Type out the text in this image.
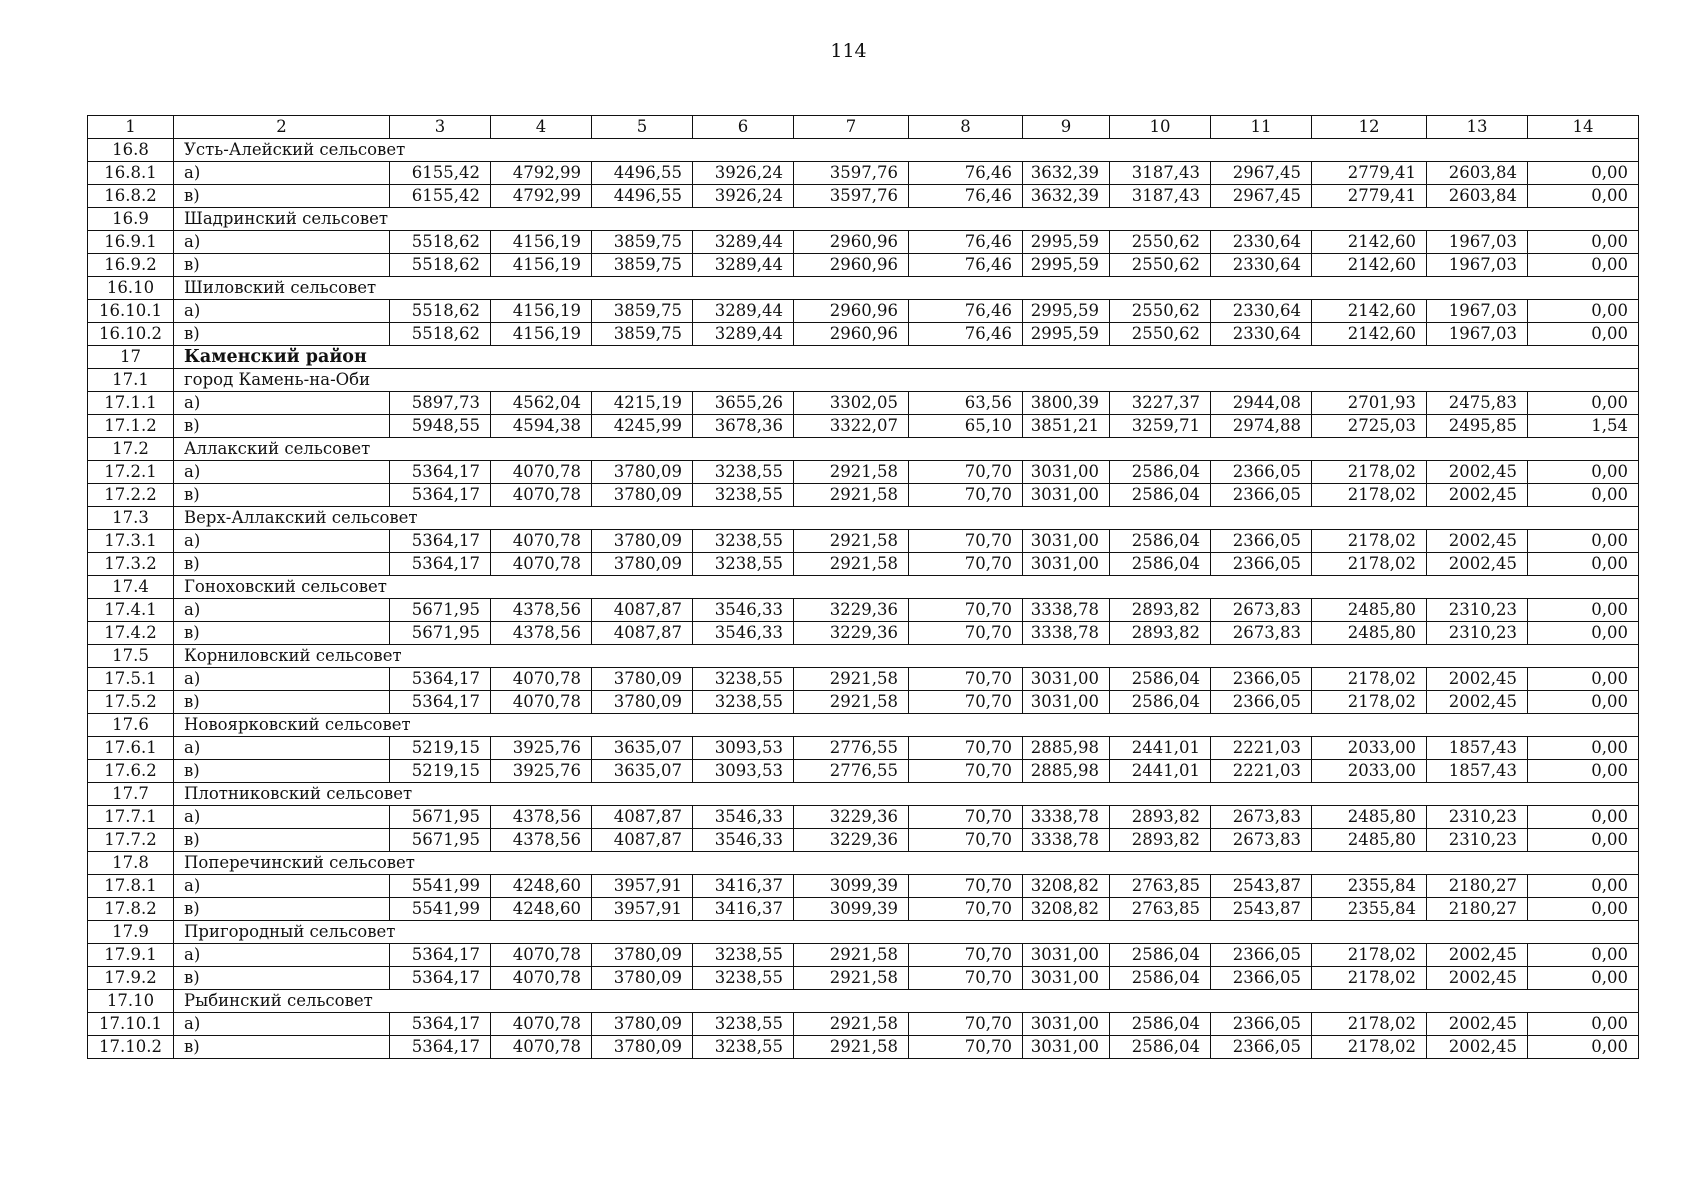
114
1	2	3	4	5	6	7	8	9	10	11	12	13	14
16.8	Усть-Алейский сельсовет												
16.8.1	а)	6155,42	4792,99	4496,55	3926,24	3597,76	76,46	3632,39	3187,43	2967,45	2779,41	2603,84	0,00
16.8.2	в)	6155,42	4792,99	4496,55	3926,24	3597,76	76,46	3632,39	3187,43	2967,45	2779,41	2603,84	0,00
16.9	Шадринский сельсовет												
16.9.1	а)	5518,62	4156,19	3859,75	3289,44	2960,96	76,46	2995,59	2550,62	2330,64	2142,60	1967,03	0,00
16.9.2	в)	5518,62	4156,19	3859,75	3289,44	2960,96	76,46	2995,59	2550,62	2330,64	2142,60	1967,03	0,00
16.10	Шиловский сельсовет												
16.10.1	а)	5518,62	4156,19	3859,75	3289,44	2960,96	76,46	2995,59	2550,62	2330,64	2142,60	1967,03	0,00
16.10.2	в)	5518,62	4156,19	3859,75	3289,44	2960,96	76,46	2995,59	2550,62	2330,64	2142,60	1967,03	0,00
17	Каменский район												
17.1	город Камень-на-Оби												
17.1.1	а)	5897,73	4562,04	4215,19	3655,26	3302,05	63,56	3800,39	3227,37	2944,08	2701,93	2475,83	0,00
17.1.2	в)	5948,55	4594,38	4245,99	3678,36	3322,07	65,10	3851,21	3259,71	2974,88	2725,03	2495,85	1,54
17.2	Аллакский сельсовет												
17.2.1	а)	5364,17	4070,78	3780,09	3238,55	2921,58	70,70	3031,00	2586,04	2366,05	2178,02	2002,45	0,00
17.2.2	в)	5364,17	4070,78	3780,09	3238,55	2921,58	70,70	3031,00	2586,04	2366,05	2178,02	2002,45	0,00
17.3	Верх-Аллакский сельсовет												
17.3.1	а)	5364,17	4070,78	3780,09	3238,55	2921,58	70,70	3031,00	2586,04	2366,05	2178,02	2002,45	0,00
17.3.2	в)	5364,17	4070,78	3780,09	3238,55	2921,58	70,70	3031,00	2586,04	2366,05	2178,02	2002,45	0,00
17.4	Гоноховский сельсовет												
17.4.1	а)	5671,95	4378,56	4087,87	3546,33	3229,36	70,70	3338,78	2893,82	2673,83	2485,80	2310,23	0,00
17.4.2	в)	5671,95	4378,56	4087,87	3546,33	3229,36	70,70	3338,78	2893,82	2673,83	2485,80	2310,23	0,00
17.5	Корниловский сельсовет												
17.5.1	а)	5364,17	4070,78	3780,09	3238,55	2921,58	70,70	3031,00	2586,04	2366,05	2178,02	2002,45	0,00
17.5.2	в)	5364,17	4070,78	3780,09	3238,55	2921,58	70,70	3031,00	2586,04	2366,05	2178,02	2002,45	0,00
17.6	Новоярковский сельсовет												
17.6.1	а)	5219,15	3925,76	3635,07	3093,53	2776,55	70,70	2885,98	2441,01	2221,03	2033,00	1857,43	0,00
17.6.2	в)	5219,15	3925,76	3635,07	3093,53	2776,55	70,70	2885,98	2441,01	2221,03	2033,00	1857,43	0,00
17.7	Плотниковский сельсовет												
17.7.1	а)	5671,95	4378,56	4087,87	3546,33	3229,36	70,70	3338,78	2893,82	2673,83	2485,80	2310,23	0,00
17.7.2	в)	5671,95	4378,56	4087,87	3546,33	3229,36	70,70	3338,78	2893,82	2673,83	2485,80	2310,23	0,00
17.8	Поперечинский сельсовет												
17.8.1	а)	5541,99	4248,60	3957,91	3416,37	3099,39	70,70	3208,82	2763,85	2543,87	2355,84	2180,27	0,00
17.8.2	в)	5541,99	4248,60	3957,91	3416,37	3099,39	70,70	3208,82	2763,85	2543,87	2355,84	2180,27	0,00
17.9	Пригородный сельсовет												
17.9.1	а)	5364,17	4070,78	3780,09	3238,55	2921,58	70,70	3031,00	2586,04	2366,05	2178,02	2002,45	0,00
17.9.2	в)	5364,17	4070,78	3780,09	3238,55	2921,58	70,70	3031,00	2586,04	2366,05	2178,02	2002,45	0,00
17.10	Рыбинский сельсовет												
17.10.1	а)	5364,17	4070,78	3780,09	3238,55	2921,58	70,70	3031,00	2586,04	2366,05	2178,02	2002,45	0,00
17.10.2	в)	5364,17	4070,78	3780,09	3238,55	2921,58	70,70	3031,00	2586,04	2366,05	2178,02	2002,45	0,00
